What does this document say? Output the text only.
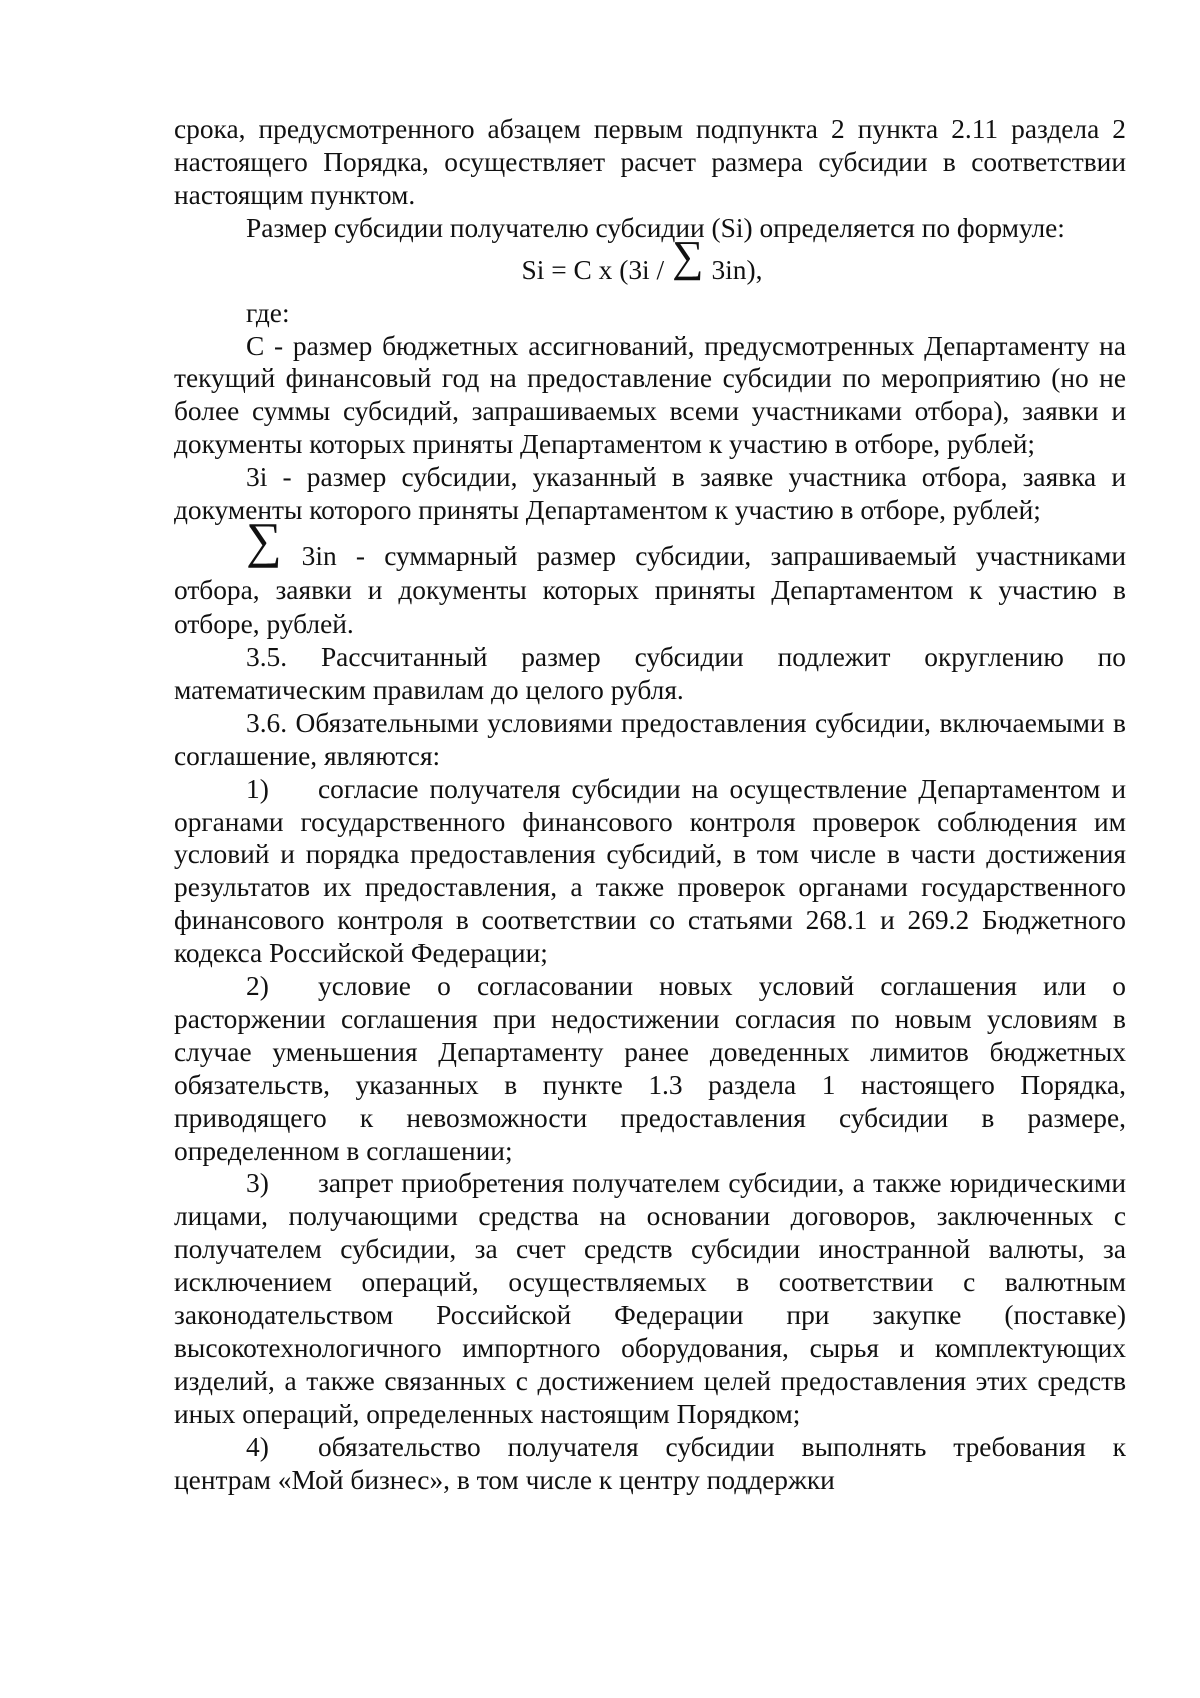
срока, предусмотренного абзацем первым подпункта 2 пункта 2.11 раздела 2 настоящего Порядка, осуществляет расчет размера субсидии в соответствии настоящим пунктом.

Размер субсидии получателю субсидии (Si) определяется по формуле:

Si = C x (3i / ∑ 3in),

где:

C - размер бюджетных ассигнований, предусмотренных Департаменту на текущий финансовый год на предоставление субсидии по мероприятию (но не более суммы субсидий, запрашиваемых всеми участниками отбора), заявки и документы которых приняты Департаментом к участию в отборе, рублей;

3i - размер субсидии, указанный в заявке участника отбора, заявка и документы которого приняты Департаментом к участию в отборе, рублей;

∑ 3in - суммарный размер субсидии, запрашиваемый участниками отбора, заявки и документы которых приняты Департаментом к участию в отборе, рублей.

3.5. Рассчитанный размер субсидии подлежит округлению по математическим правилам до целого рубля.

3.6. Обязательными условиями предоставления субсидии, включаемыми в соглашение, являются:

1) согласие получателя субсидии на осуществление Департаментом и органами государственного финансового контроля проверок соблюдения им условий и порядка предоставления субсидий, в том числе в части достижения результатов их предоставления, а также проверок органами государственного финансового контроля в соответствии со статьями 268.1 и 269.2 Бюджетного кодекса Российской Федерации;

2) условие о согласовании новых условий соглашения или о расторжении соглашения при недостижении согласия по новым условиям в случае уменьшения Департаменту ранее доведенных лимитов бюджетных обязательств, указанных в пункте 1.3 раздела 1 настоящего Порядка, приводящего к невозможности предоставления субсидии в размере, определенном в соглашении;

3) запрет приобретения получателем субсидии, а также юридическими лицами, получающими средства на основании договоров, заключенных с получателем субсидии, за счет средств субсидии иностранной валюты, за исключением операций, осуществляемых в соответствии с валютным законодательством Российской Федерации при закупке (поставке) высокотехнологичного импортного оборудования, сырья и комплектующих изделий, а также связанных с достижением целей предоставления этих средств иных операций, определенных настоящим Порядком;

4) обязательство получателя субсидии выполнять требования к центрам «Мой бизнес», в том числе к центру поддержки
